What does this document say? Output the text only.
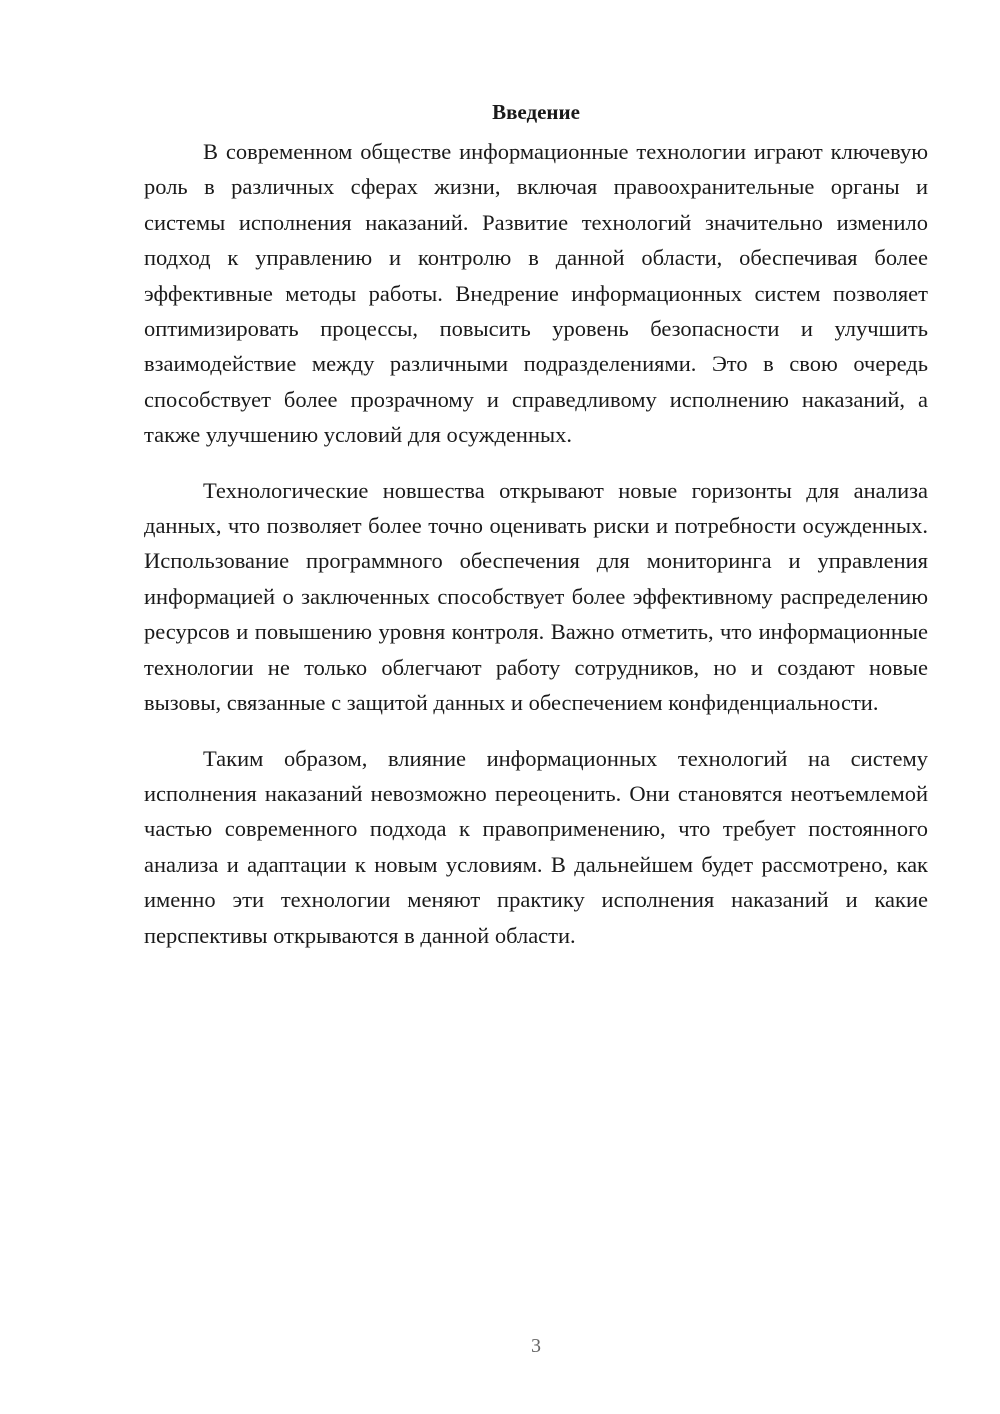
Введение

В современном обществе информационные технологии играют ключевую роль в различных сферах жизни, включая правоохранительные органы и системы исполнения наказаний. Развитие технологий значительно изменило подход к управлению и контролю в данной области, обеспечивая более эффективные методы работы. Внедрение информационных систем позволяет оптимизировать процессы, повысить уровень безопасности и улучшить взаимодействие между различными подразделениями. Это в свою очередь способствует более прозрачному и справедливому исполнению наказаний, а также улучшению условий для осужденных.

Технологические новшества открывают новые горизонты для анализа данных, что позволяет более точно оценивать риски и потребности осужденных. Использование программного обеспечения для мониторинга и управления информацией о заключенных способствует более эффективному распределению ресурсов и повышению уровня контроля. Важно отметить, что информационные технологии не только облегчают работу сотрудников, но и создают новые вызовы, связанные с защитой данных и обеспечением конфиденциальности.

Таким образом, влияние информационных технологий на систему исполнения наказаний невозможно переоценить. Они становятся неотъемлемой частью современного подхода к правоприменению, что требует постоянного анализа и адаптации к новым условиям. В дальнейшем будет рассмотрено, как именно эти технологии меняют практику исполнения наказаний и какие перспективы открываются в данной области.

3
